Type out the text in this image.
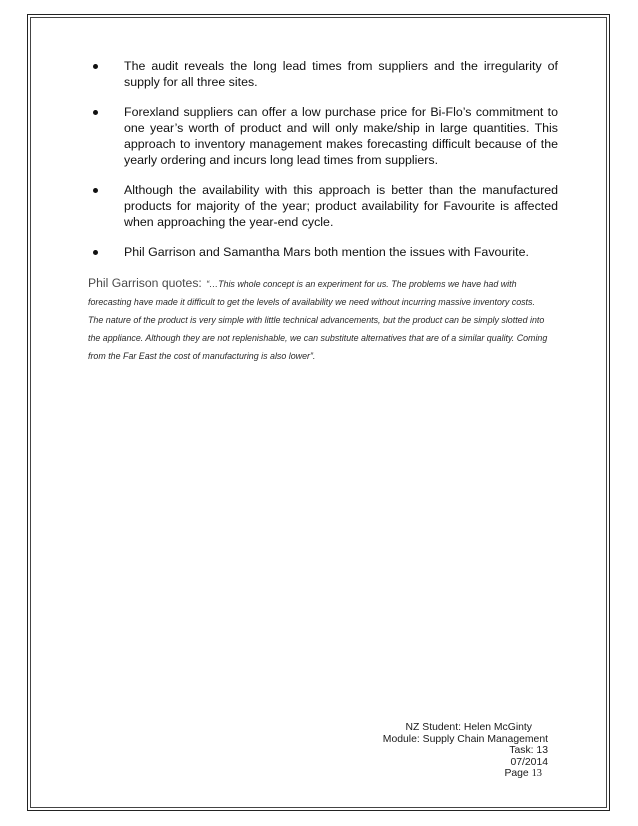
The audit reveals the long lead times from suppliers and the irregularity of supply for all three sites.
Forexland suppliers can offer a low purchase price for Bi-Flo’s commitment to one year’s worth of product and will only make/ship in large quantities. This approach to inventory management makes forecasting difficult because of the yearly ordering and incurs long lead times from suppliers.
Although the availability with this approach is better than the manufactured products for majority of the year; product availability for Favourite is affected when approaching the year-end cycle.
Phil Garrison and Samantha Mars both mention the issues with Favourite.
Phil Garrison quotes: “…This whole concept is an experiment for us. The problems we have had with forecasting have made it difficult to get the levels of availability we need without incurring massive inventory costs. The nature of the product is very simple with little technical advancements, but the product can be simply slotted into the appliance. Although they are not replenishable, we can substitute alternatives that are of a similar quality. Coming from the Far East the cost of manufacturing is also lower”.
NZ Student: Helen McGinty
Module: Supply Chain Management
Task: 13
07/2014
Page 13
